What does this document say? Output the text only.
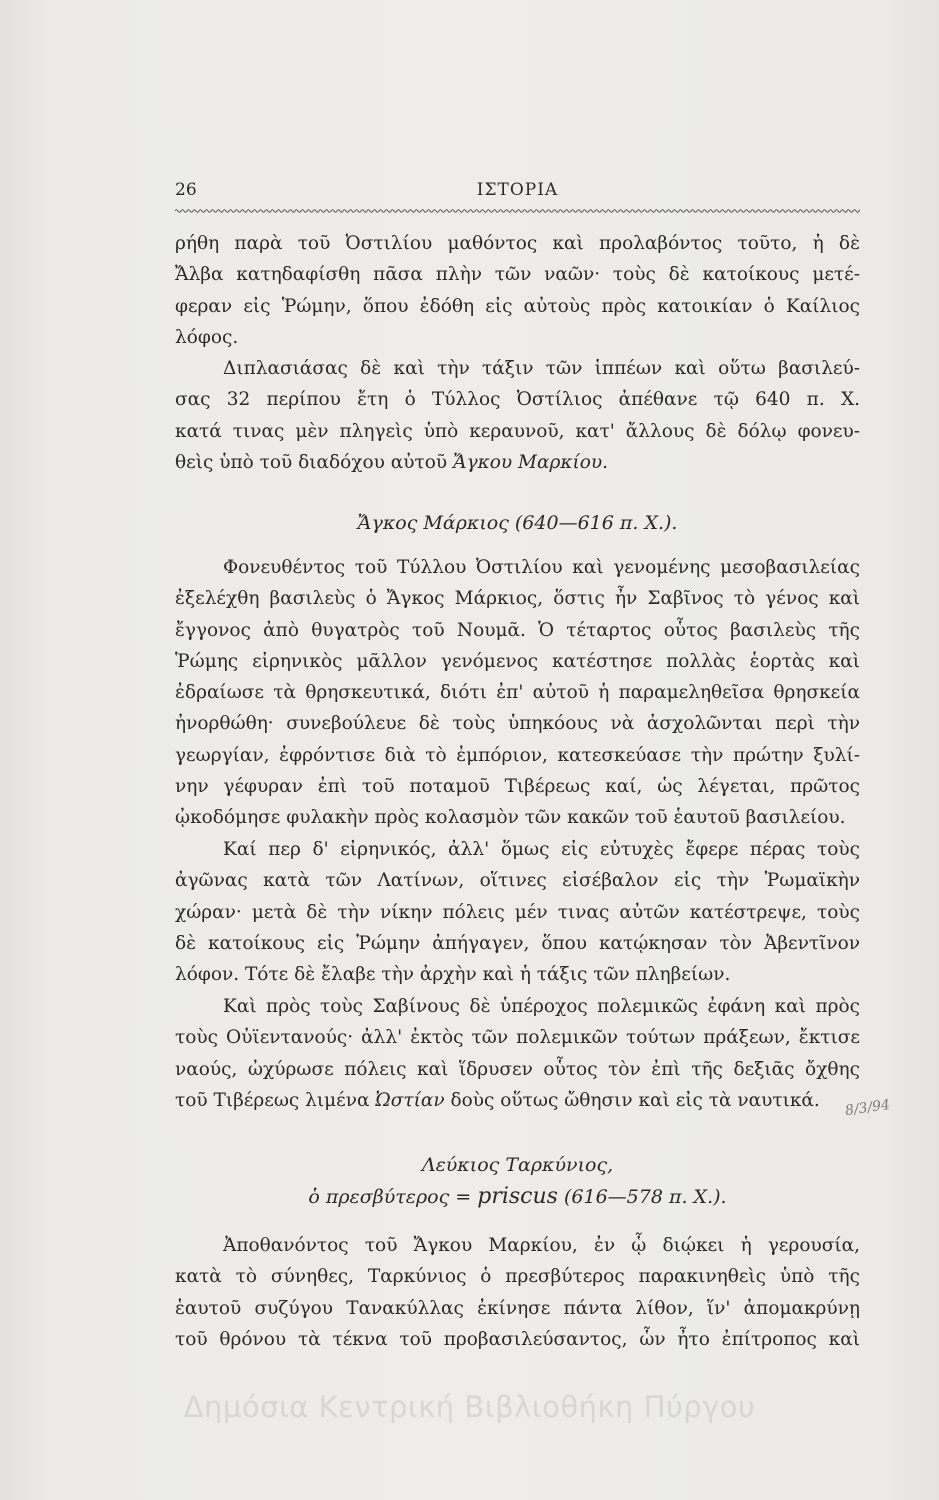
26	ΙΣΤΟΡΙΑ
ρήθη παρὰ τοῦ Ὀστιλίου μαθόντος καὶ προλαβόντος τοῦτο, ἡ δὲ
Ἄλβα κατηδαφίσθη πᾶσα πλὴν τῶν ναῶν· τοὺς δὲ κατοίκους μετέ-
φεραν εἰς Ῥώμην, ὅπου ἐδόθη εἰς αὐτοὺς πρὸς κατοικίαν ὁ Καίλιος
λόφος.
Διπλασιάσας δὲ καὶ τὴν τάξιν τῶν ἱππέων καὶ οὕτω βασιλεύ-
σας 32 περίπου ἔτη ὁ Τύλλος Ὀστίλιος ἀπέθανε τῷ 640 π. Χ.
κατά τινας μὲν πληγεὶς ὑπὸ κεραυνοῦ, κατ' ἄλλους δὲ δόλῳ φονευ-
θεὶς ὑπὸ τοῦ διαδόχου αὐτοῦ Ἄγκου Μαρκίου.
Ἄγκος Μάρκιος (640—616 π. Χ.).
Φονευθέντος τοῦ Τύλλου Ὀστιλίου καὶ γενομένης μεσοβασιλείας
ἐξελέχθη βασιλεὺς ὁ Ἄγκος Μάρκιος, ὅστις ἦν Σαβῖνος τὸ γένος καὶ
ἔγγονος ἀπὸ θυγατρὸς τοῦ Νουμᾶ. Ὁ τέταρτος οὗτος βασιλεὺς τῆς
Ῥώμης εἰρηνικὸς μᾶλλον γενόμενος κατέστησε πολλὰς ἑορτὰς καὶ
ἐδραίωσε τὰ θρησκευτικά, διότι ἐπ' αὐτοῦ ἡ παραμεληθεῖσα θρησκεία
ἠνορθώθη· συνεβούλευε δὲ τοὺς ὑπηκόους νὰ ἀσχολῶνται περὶ τὴν
γεωργίαν, ἐφρόντισε διὰ τὸ ἐμπόριον, κατεσκεύασε τὴν πρώτην ξυλί-
νην γέφυραν ἐπὶ τοῦ ποταμοῦ Τιβέρεως καί, ὡς λέγεται, πρῶτος
ᾠκοδόμησε φυλακὴν πρὸς κολασμὸν τῶν κακῶν τοῦ ἑαυτοῦ βασιλείου.
Καί περ δ' εἰρηνικός, ἀλλ' ὅμως εἰς εὐτυχὲς ἔφερε πέρας τοὺς
ἀγῶνας κατὰ τῶν Λατίνων, οἵτινες εἰσέβαλον εἰς τὴν Ῥωμαϊκὴν
χώραν· μετὰ δὲ τὴν νίκην πόλεις μέν τινας αὐτῶν κατέστρεψε, τοὺς
δὲ κατοίκους εἰς Ῥώμην ἀπήγαγεν, ὅπου κατῴκησαν τὸν Ἀβεντῖνον
λόφον. Τότε δὲ ἔλαβε τὴν ἀρχὴν καὶ ἡ τάξις τῶν πληβείων.
Καὶ πρὸς τοὺς Σαβίνους δὲ ὑπέροχος πολεμικῶς ἐφάνη καὶ πρὸς
τοὺς Οὐϊεντανούς· ἀλλ' ἐκτὸς τῶν πολεμικῶν τούτων πράξεων, ἔκτισε
ναούς, ὠχύρωσε πόλεις καὶ ἵδρυσεν οὗτος τὸν ἐπὶ τῆς δεξιᾶς ὄχθης
τοῦ Τιβέρεως λιμένα Ὠστίαν δοὺς οὕτως ὤθησιν καὶ εἰς τὰ ναυτικά.	8/3/94
Λεύκιος Ταρκύνιος,
ὁ πρεσβύτερος = priscus (616—578 π. Χ.).
Ἀποθανόντος τοῦ Ἄγκου Μαρκίου, ἐν ᾧ διῴκει ἡ γερουσία,
κατὰ τὸ σύνηθες, Ταρκύνιος ὁ πρεσβύτερος παρακινηθεὶς ὑπὸ τῆς
ἑαυτοῦ συζύγου Τανακύλλας ἐκίνησε πάντα λίθον, ἵν' ἀπομακρύνῃ
τοῦ θρόνου τὰ τέκνα τοῦ προβασιλεύσαντος, ὧν ἦτο ἐπίτροπος καὶ
Δημόσια Κεντρική Βιβλιοθήκη Πύργου
